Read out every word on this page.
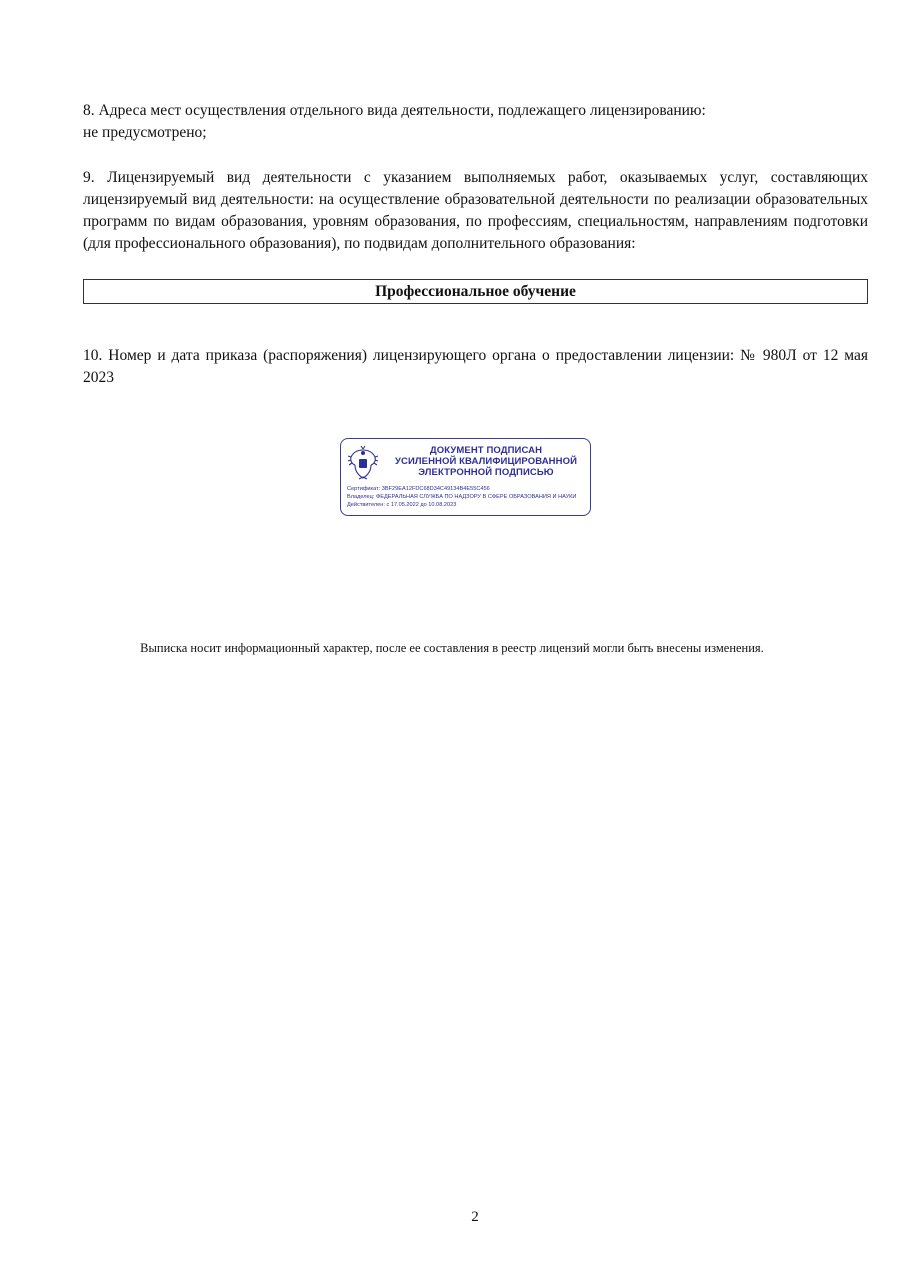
8. Адреса мест осуществления отдельного вида деятельности, подлежащего лицензированию:
не предусмотрено;
9. Лицензируемый вид деятельности с указанием выполняемых работ, оказываемых услуг, составляющих лицензируемый вид деятельности: на осуществление образовательной деятельности по реализации образовательных программ по видам образования, уровням образования, по профессиям, специальностям, направлениям подготовки (для профессионального образования), по подвидам дополнительного образования:
Профессиональное обучение
10. Номер и дата приказа (распоряжения) лицензирующего органа о предоставлении лицензии: № 980Л от 12 мая 2023
ДОКУМЕНТ ПОДПИСАН
УСИЛЕННОЙ КВАЛИФИЦИРОВАННОЙ
ЭЛЕКТРОННОЙ ПОДПИСЬЮ
Сертификат: 3BF29EA12FDC68D34C49134B4E55C456
Владелец: ФЕДЕРАЛЬНАЯ СЛУЖБА ПО НАДЗОРУ В СФЕРЕ ОБРАЗОВАНИЯ И НАУКИ
Действителен: с 17.05.2022 до 10.08.2023
Выписка носит информационный характер, после ее составления в реестр лицензий могли быть внесены изменения.
2
